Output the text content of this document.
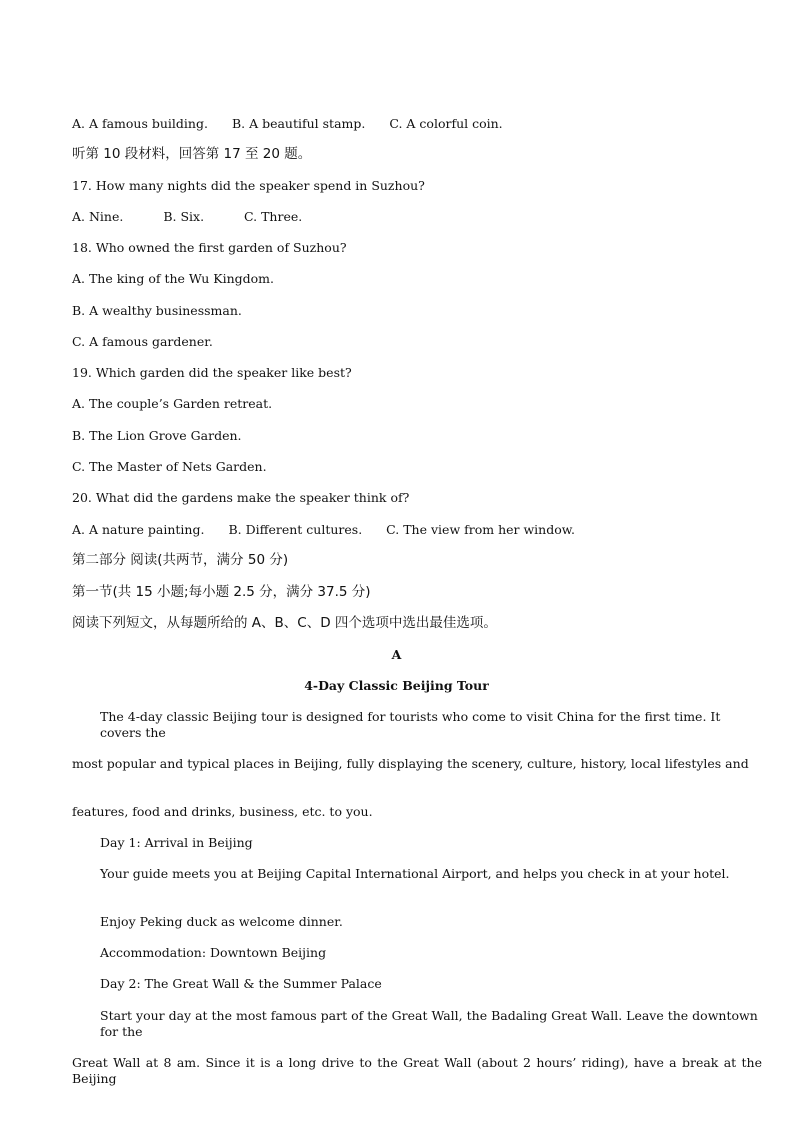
A. A famous building. B. A beautiful stamp. C. A colorful coin.
听第 10 段材料，回答第 17 至 20 题。
17. How many nights did the speaker spend in Suzhou?
A. Nine.	B. Six.	C. Three.
18. Who owned the first garden of Suzhou?
A. The king of the Wu Kingdom.
B. A wealthy businessman.
C. A famous gardener.
19. Which garden did the speaker like best?
A. The couple’s Garden retreat.
B. The Lion Grove Garden.
C. The Master of Nets Garden.
20. What did the gardens make the speaker think of?
A. A nature painting. B. Different cultures. C. The view from her window.
第二部分 阅读(共两节，满分 50 分)
第一节(共 15 小题;每小题 2.5 分，满分 37.5 分)
阅读下列短文，从每题所给的 A、B、C、D 四个选项中选出最佳选项。
A
4-Day Classic Beijing Tour
The 4-day classic Beijing tour is designed for tourists who come to visit China for the first time. It covers the
most popular and typical places in Beijing, fully displaying the scenery, culture, history, local lifestyles and
features, food and drinks, business, etc. to you.
Day 1: Arrival in Beijing
Your guide meets you at Beijing Capital International Airport, and helps you check in at your hotel.
Enjoy Peking duck as welcome dinner.
Accommodation: Downtown Beijing
Day 2: The Great Wall & the Summer Palace
Start your day at the most famous part of the Great Wall, the Badaling Great Wall. Leave the downtown for the
Great Wall at 8 am. Since it is a long drive to the Great Wall (about 2 hours’ riding), have a break at the Beijing
